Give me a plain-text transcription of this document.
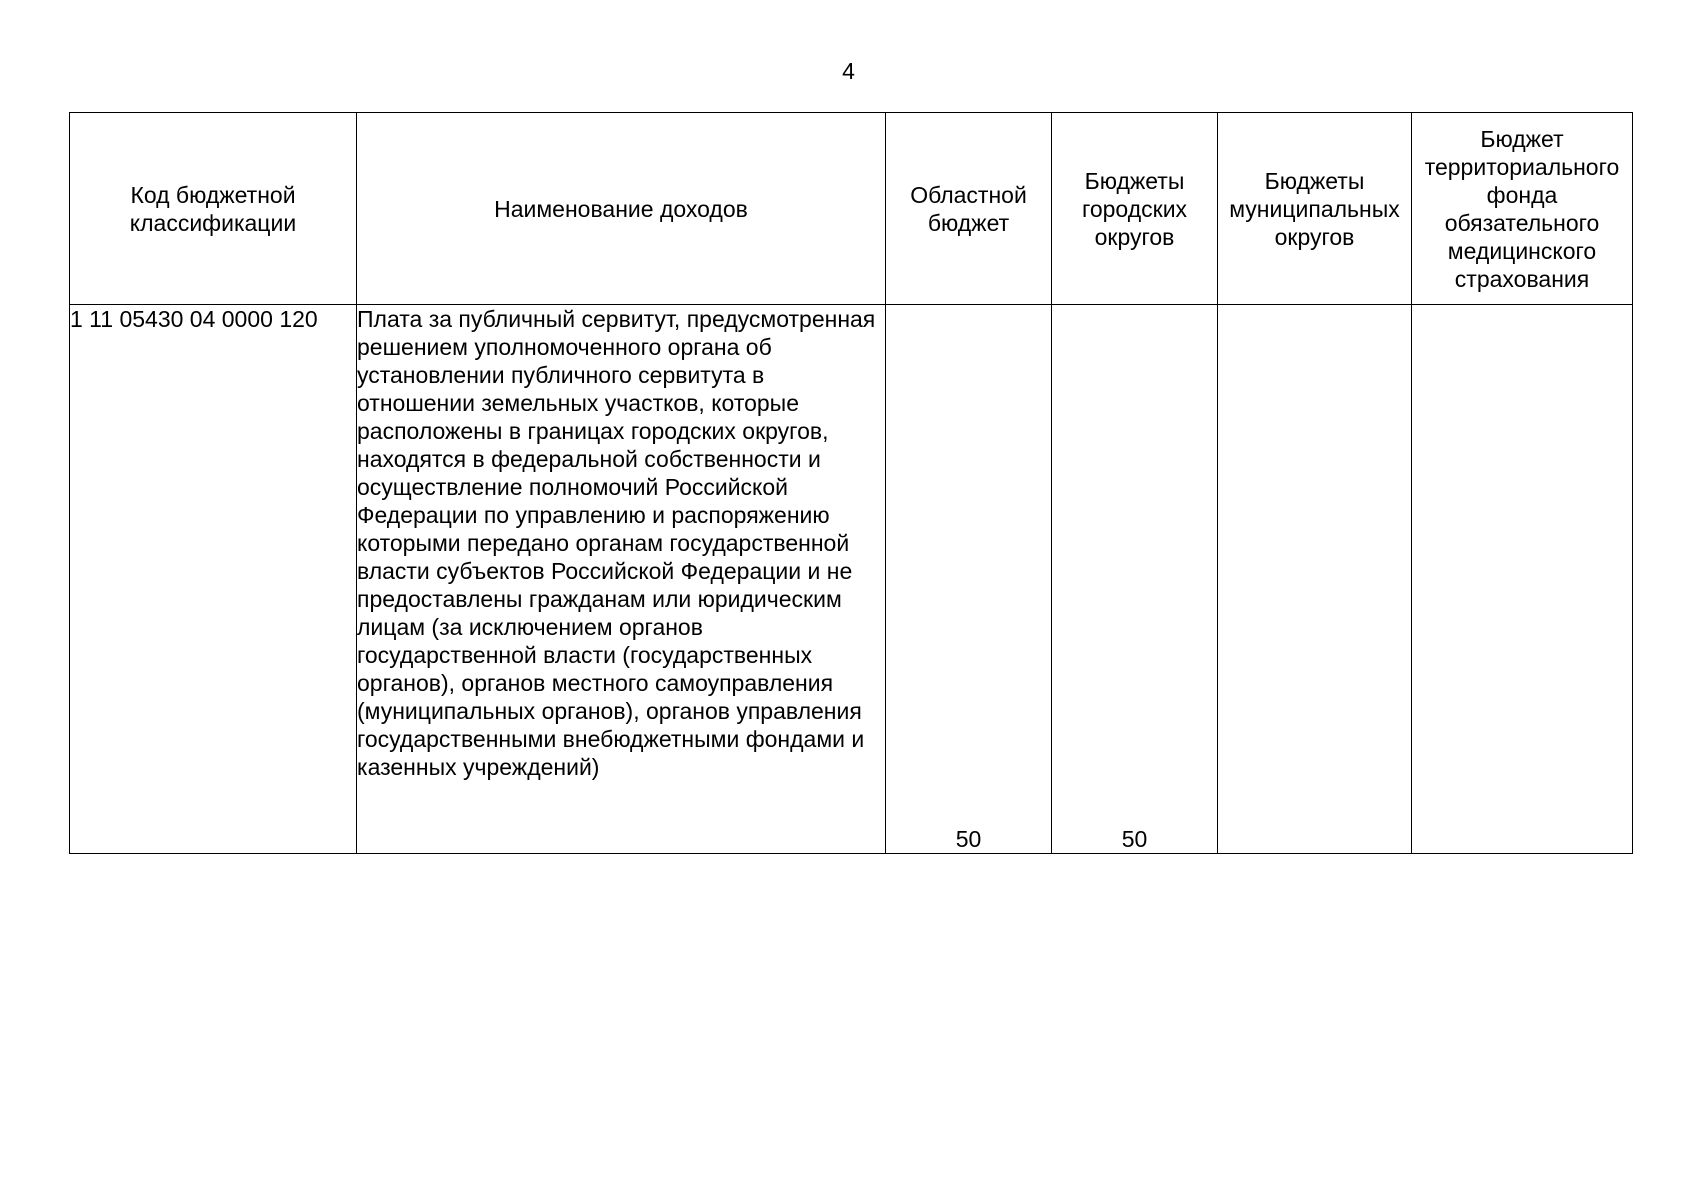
4
Код бюджетной классификации	Наименование доходов	Областной бюджет	Бюджеты городских округов	Бюджеты муниципальных округов	Бюджет территориального фонда обязательного медицинского страхования
1 11 05430 04 0000 120	Плата за публичный сервитут, предусмотренная решением уполномоченного органа об установлении публичного сервитута в отношении земельных участков, которые расположены в границах городских округов, находятся в федеральной собственности и осуществление полномочий Российской Федерации по управлению и распоряжению которыми передано органам государственной власти субъектов Российской Федерации и не предоставлены гражданам или юридическим лицам (за исключением органов государственной власти (государственных органов), органов местного самоуправления (муниципальных органов), органов управления государственными внебюджетными фондами и казенных учреждений)	50	50		
